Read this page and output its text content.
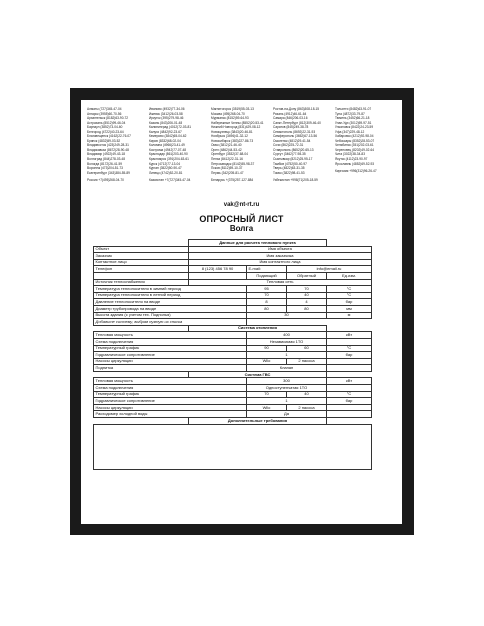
Алматы (727)345-47-04
Ангарск (3955)60-70-56
Архангельск (8182)63-90-72
Астрахань (8512)99-46-04
Барнаул (3852)73-04-60
Белгород (4722)40-23-64
Благовещенск (4162)22-76-07
Брянск (4832)59-03-52
Владивосток (423)249-28-31
Владикавказ (8672)28-90-48
Владимир (4922)49-43-18
Волгоград (844)278-03-48
Вологда (8172)26-41-59
Воронеж (473)204-51-73
Екатеринбург (343)384-55-89
Россия +7(495)268-04-70
Иваново (4932)77-34-06
Ижевск (3412)26-03-58
Иркутск (395)279-98-46
Казань (843)206-01-48
Калининград (4012)72-03-81
Калуга (4842)92-23-67
Кемерово (3842)65-04-62
Киров (8332)68-02-04
Коломна (4966)23-41-49
Кострома (4942)77-07-48
Краснодар (861)203-40-90
Красноярск (391)204-63-61
Курск (4712)77-13-04
Курган (3522)50-90-47
Липецк (4742)52-20-81
Казахстан +7(727)345-47-04
Магнитогорск (3519)55-03-13
Москва (495)268-04-70
Мурманск (8152)59-64-93
Набережные Челны (8552)20-53-41
Нижний Новгород (831)429-08-12
Новокузнецк (3843)20-46-81
Ноябрьск (3496)41-32-12
Новосибирск (383)227-86-73
Омск (3812)21-46-40
Орел (4862)44-53-42
Оренбург (3532)37-68-04
Пенза (8412)22-31-16
Петрозаводск (8142)55-98-37
Псков (8112)59-10-37
Пермь (342)205-81-47
Беларусь +(375)257-127-884
Ростов-на-Дону (863)308-18-15
Рязань (4912)46-61-64
Самара (846)206-03-16
Санкт-Петербург (812)309-46-40
Саратов (845)249-38-78
Севастополь (8692)22-31-93
Симферополь (3652)67-13-56
Смоленск (4812)29-41-54
Сочи (862)225-72-31
Ставрополь (8652)20-65-13
Сургут (3462)77-98-35
Сыктывкар (8212)25-95-17
Тамбов (4752)50-40-97
Тверь (4822)63-31-35
Томск (3822)98-41-53
Узбекистан +998(71)205-18-59
Тольятти (8482)63-91-07
Тула (4872)33-79-87
Тюмень (3452)66-21-18
Улан-Удэ (3012)59-97-51
Ульяновск (8422)24-23-59
Уфа (347)229-48-12
Хабаровск (4212)92-98-04
Чебоксары (8352)28-53-07
Челябинск (351)202-03-61
Череповец (8202)49-02-64
Чита (3022)38-34-83
Якутск (4112)23-90-97
Ярославль (4852)69-52-93
Киргизия +996(312)96-26-47
vak@nt-rt.ru
ОПРОСНЫЙ ЛИСТ
Волга
	Данные для расчета теплового пункта			
Объект	Имя объекта			
Заказчик	Имя заказчика			
Контактное лицо	Имя контактного лица			
Телефон	8 (123) 456 78 90	E-mail:	info@email.ru	
		Подающий	Обратный	Ед.изм.
Источник теплоснабжения	Тепловая сеть			
Температура теплоносителя в зимний период		95	70	°С
Температура теплоносителя в летний период		70	40	°С
Давление теплоносителя на вводе		8	4	бар
Диаметр трубопровода на вводе		80	80	мм
Высота здания (с учетом тех. Подполья)		30		м
Добавьте систему, выбрав нужную из списка				
	Система отопления			
Тепловая мощность		400		кВт
Схема подключения		Независимая 1ТО		
Температурный график		90	60	°С
Гидравлическое сопротивление		1		бар
Насосы циркуляции		Wilo	2 насоса	
Подпитка		Клапан		
	Система ГВС			
Тепловая мощность		300		кВт
Схема подключения		Одноступенчатая 1ТО		
Температурный график		70	40	°С
Гидравлическое сопротивление		1		бар
Насосы циркуляции		Wilo	2 насоса	
Расходомер холодной воды		Да		
	Дополнительные требования			
